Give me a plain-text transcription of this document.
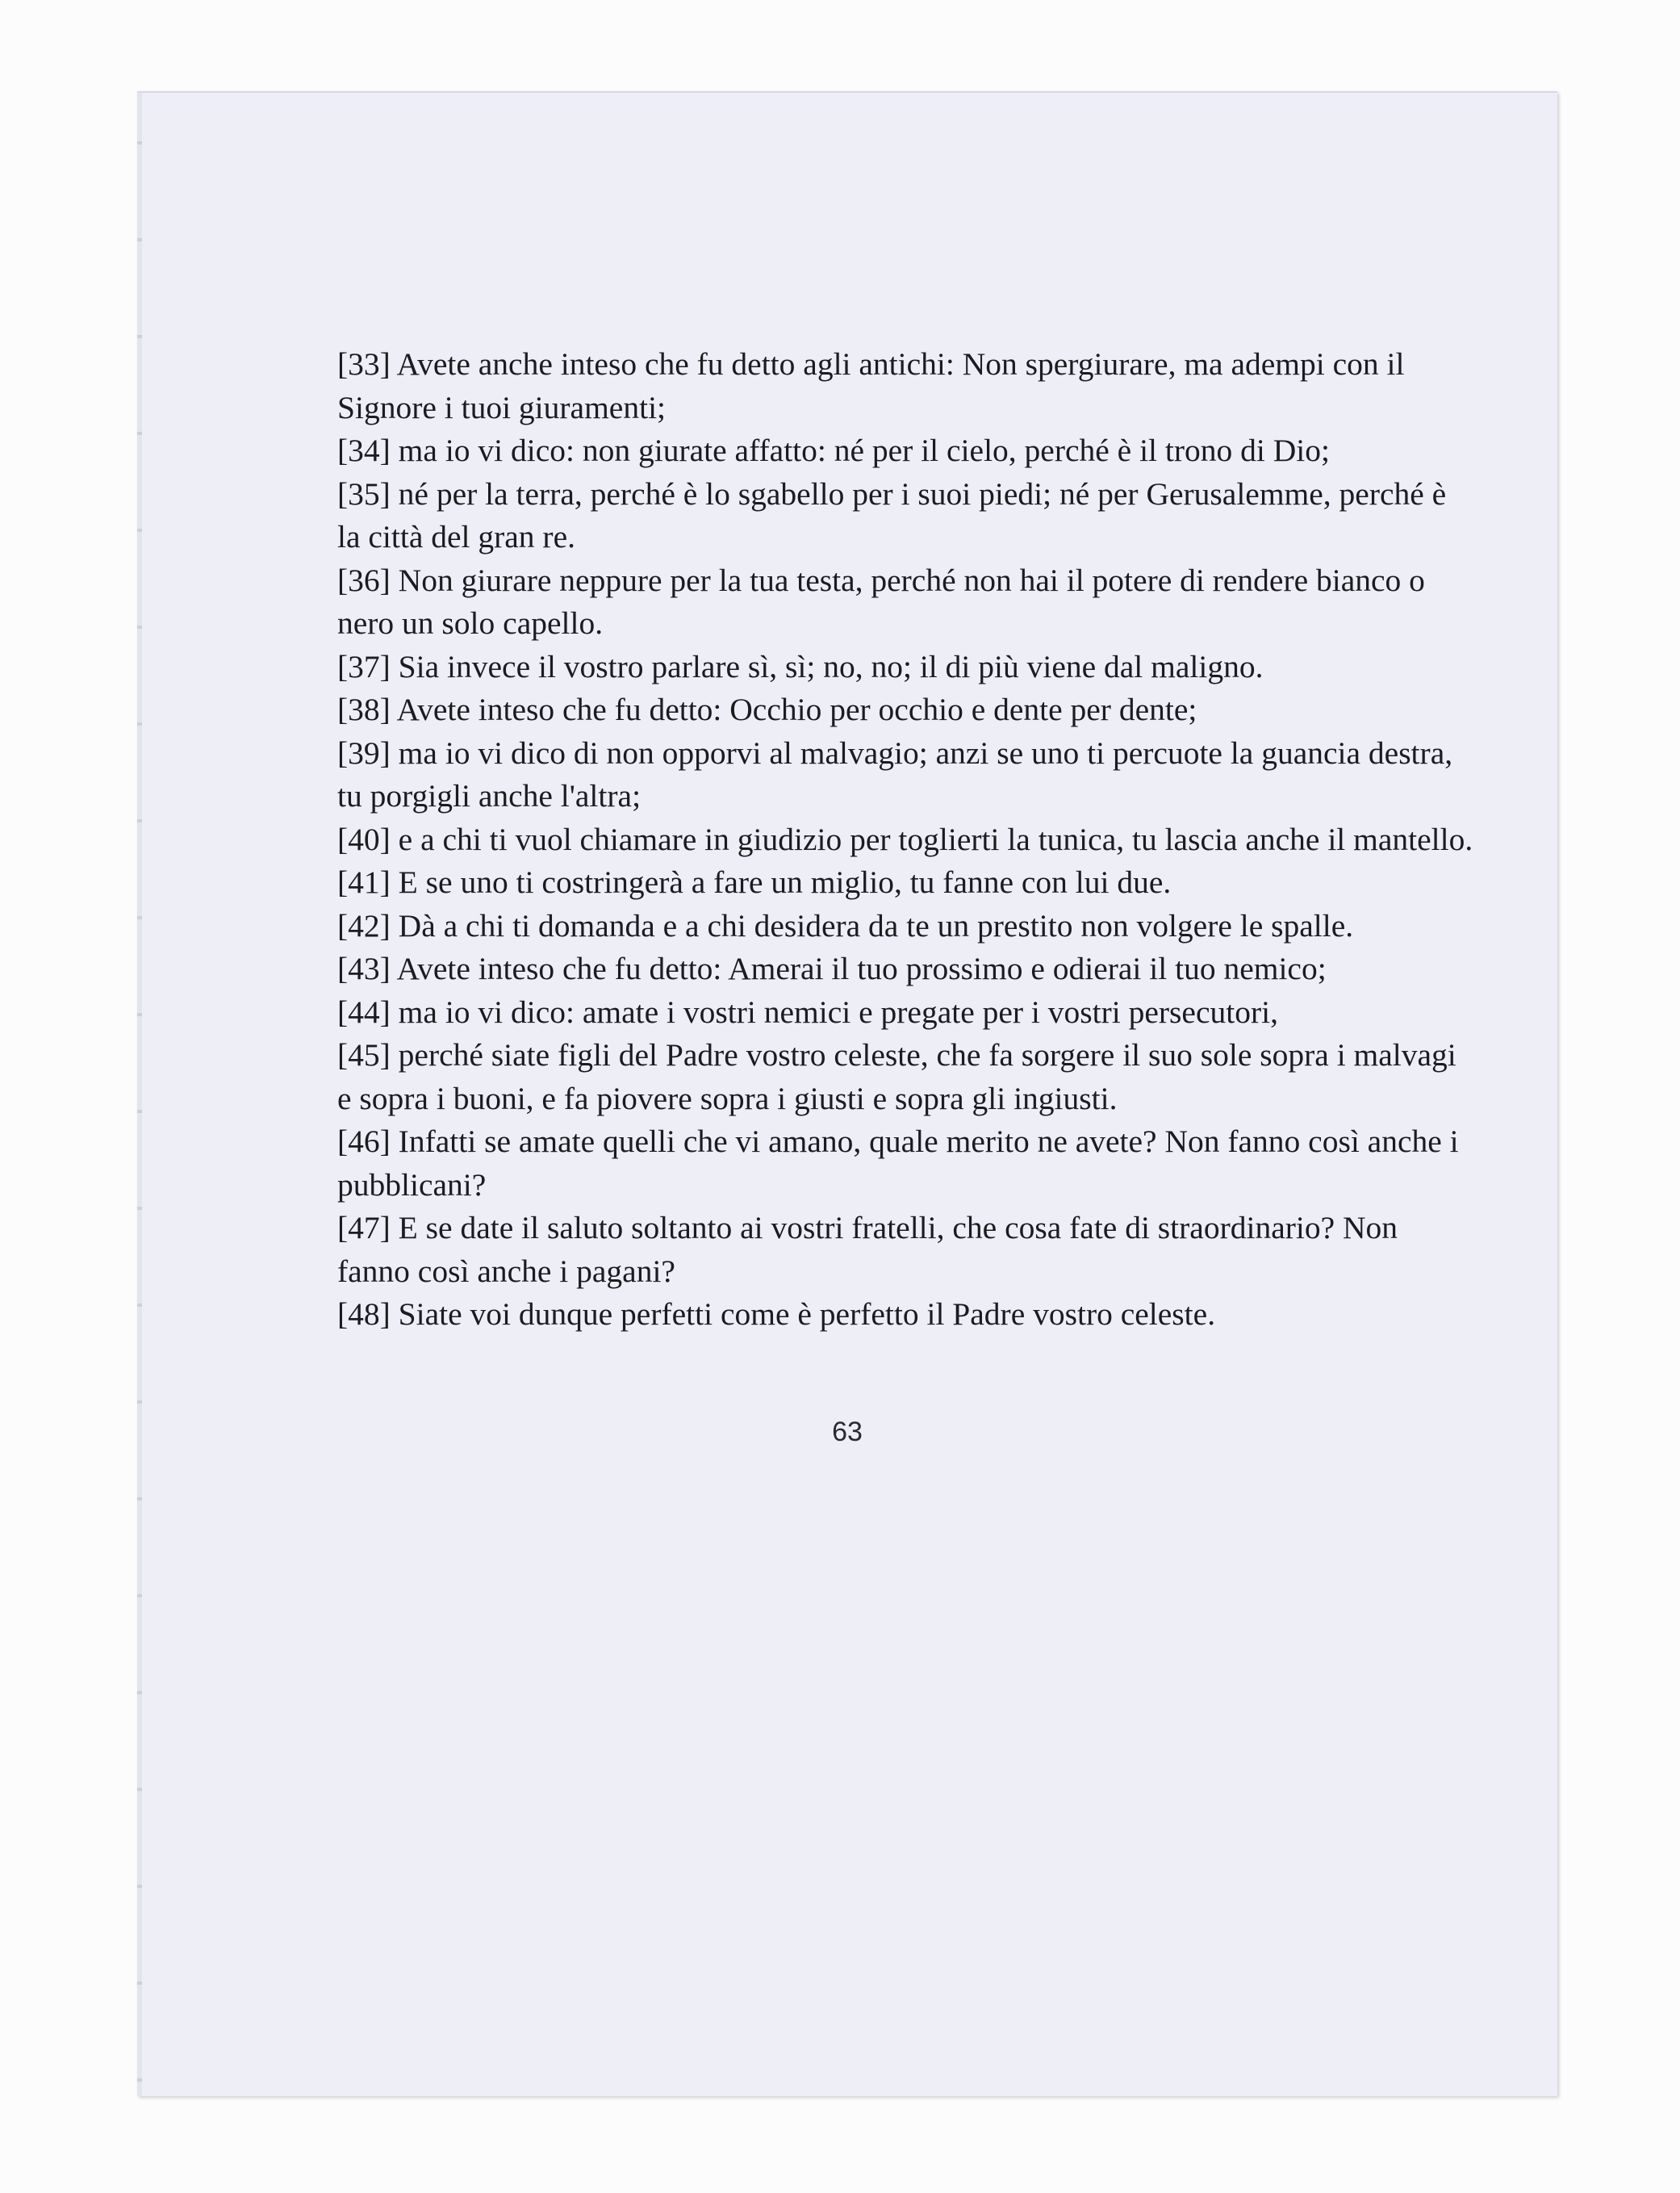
[33] Avete anche inteso che fu detto agli antichi: Non spergiurare, ma adempi con il Signore i tuoi giuramenti;

[34] ma io vi dico: non giurate affatto: né per il cielo, perché è il trono di Dio;

[35] né per la terra, perché è lo sgabello per i suoi piedi; né per Gerusalemme, perché è la città del gran re.

[36] Non giurare neppure per la tua testa, perché non hai il potere di rendere bianco o nero un solo capello.

[37] Sia invece il vostro parlare sì, sì; no, no; il di più viene dal maligno.

[38] Avete inteso che fu detto: Occhio per occhio e dente per dente;

[39] ma io vi dico di non opporvi al malvagio; anzi se uno ti percuote la guancia destra, tu porgigli anche l'altra;

[40] e a chi ti vuol chiamare in giudizio per toglierti la tunica, tu lascia anche il mantello.

[41] E se uno ti costringerà a fare un miglio, tu fanne con lui due.

[42] Dà a chi ti domanda e a chi desidera da te un prestito non volgere le spalle.

[43] Avete inteso che fu detto: Amerai il tuo prossimo e odierai il tuo nemico;

[44] ma io vi dico: amate i vostri nemici e pregate per i vostri persecutori,

[45] perché siate figli del Padre vostro celeste, che fa sorgere il suo sole sopra i malvagi e sopra i buoni, e fa piovere sopra i giusti e sopra gli ingiusti.

[46] Infatti se amate quelli che vi amano, quale merito ne avete? Non fanno così anche i pubblicani?

[47] E se date il saluto soltanto ai vostri fratelli, che cosa fate di straordinario? Non fanno così anche i pagani?

[48] Siate voi dunque perfetti come è perfetto il Padre vostro celeste.

63
